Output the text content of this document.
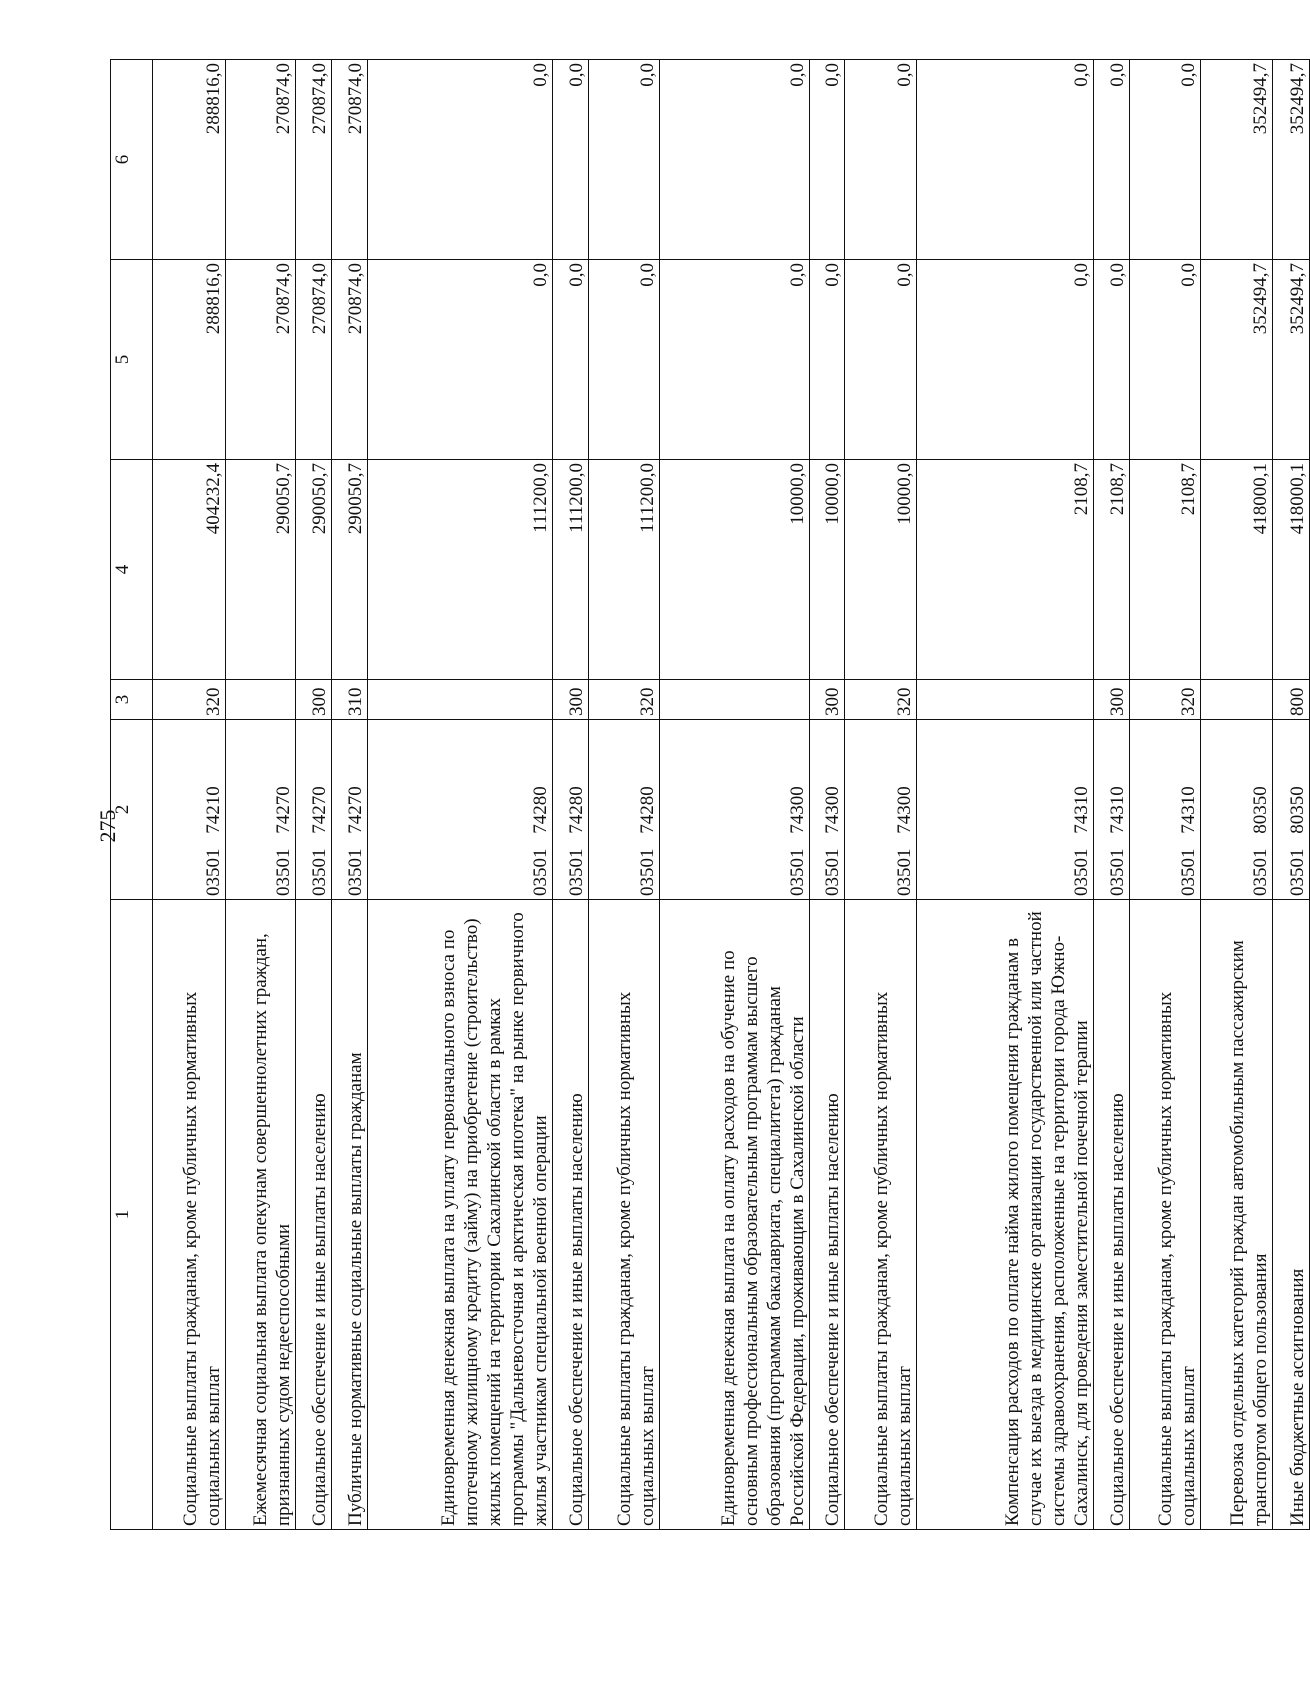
275
1	2	3	4	5	6
Социальные выплаты гражданам, кроме публичных нормативных социальных выплат	0350174210	320	404232,4	288816,0	288816,0
Ежемесячная социальная выплата опекунам совершеннолетних граждан, признанных судом недееспособными	0350174270		290050,7	270874,0	270874,0
Социальное обеспечение и иные выплаты населению	0350174270	300	290050,7	270874,0	270874,0
Публичные нормативные социальные выплаты гражданам	0350174270	310	290050,7	270874,0	270874,0
Единовременная денежная выплата на уплату первоначального взноса по ипотечному жилищному кредиту (займу) на приобретение (строительство) жилых помещений на территории Сахалинской области в рамках программы "Дальневосточная и арктическая ипотека" на рынке первичного жилья участникам специальной военной операции	0350174280		111200,0	0,0	0,0
Социальное обеспечение и иные выплаты населению	0350174280	300	111200,0	0,0	0,0
Социальные выплаты гражданам, кроме публичных нормативных социальных выплат	0350174280	320	111200,0	0,0	0,0
Единовременная денежная выплата на оплату расходов на обучение по основным профессиональным образовательным программам высшего образования (программам бакалавриата, специалитета) гражданам Российской Федерации, проживающим в Сахалинской области	0350174300		10000,0	0,0	0,0
Социальное обеспечение и иные выплаты населению	0350174300	300	10000,0	0,0	0,0
Социальные выплаты гражданам, кроме публичных нормативных социальных выплат	0350174300	320	10000,0	0,0	0,0
Компенсация расходов по оплате найма жилого помещения гражданам в случае их выезда в медицинские организации государственной или частной системы здравоохранения, расположенные на территории города Южно-Сахалинск, для проведения заместительной почечной терапии	0350174310		2108,7	0,0	0,0
Социальное обеспечение и иные выплаты населению	0350174310	300	2108,7	0,0	0,0
Социальные выплаты гражданам, кроме публичных нормативных социальных выплат	0350174310	320	2108,7	0,0	0,0
Перевозка отдельных категорий граждан автомобильным пассажирским транспортом общего пользования	0350180350		418000,1	352494,7	352494,7
Иные бюджетные ассигнования	0350180350	800	418000,1	352494,7	352494,7
